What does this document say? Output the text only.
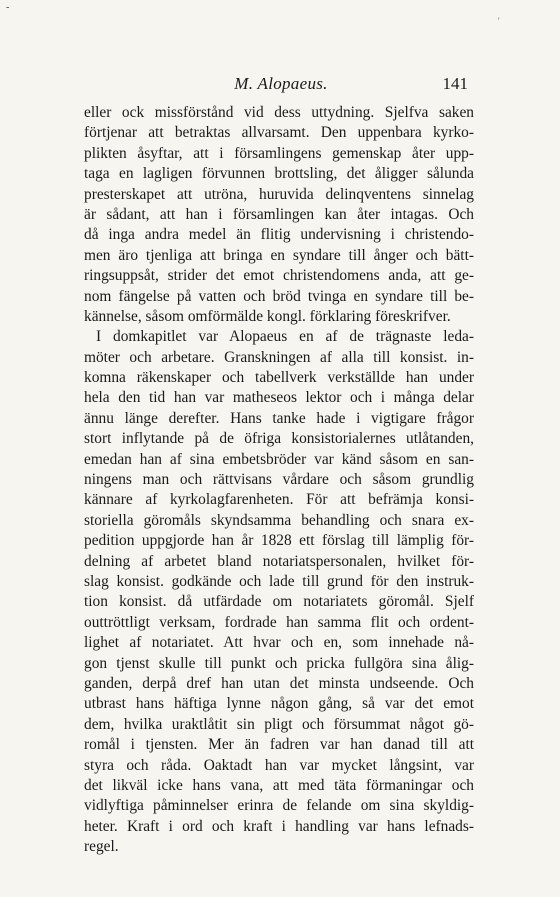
-
'
M. Alopaeus.	141
eller ock missförstånd vid dess uttydning. Sjelfva saken
förtjenar att betraktas allvarsamt. Den uppenbara kyrko-
plikten åsyftar, att i församlingens gemenskap åter upp-
taga en lagligen förvunnen brottsling, det åligger sålunda
presterskapet att utröna, huruvida delinqventens sinnelag
är sådant, att han i församlingen kan åter intagas. Och
då inga andra medel än flitig undervisning i christendo-
men äro tjenliga att bringa en syndare till ånger och bätt-
ringsuppsåt, strider det emot christendomens anda, att ge-
nom fängelse på vatten och bröd tvinga en syndare till be-
kännelse, såsom omförmälde kongl. förklaring föreskrifver.
I domkapitlet var Alopaeus en af de trägnaste leda-
möter och arbetare. Granskningen af alla till konsist. in-
komna räkenskaper och tabellverk verkställde han under
hela den tid han var matheseos lektor och i många delar
ännu länge derefter. Hans tanke hade i vigtigare frågor
stort inflytande på de öfriga konsistorialernes utlåtanden,
emedan han af sina embetsbröder var känd såsom en san-
ningens man och rättvisans vårdare och såsom grundlig
kännare af kyrkolagfarenheten. För att befrämja konsi-
storiella göromåls skyndsamma behandling och snara ex-
pedition uppgjorde han år 1828 ett förslag till lämplig för-
delning af arbetet bland notariatspersonalen, hvilket för-
slag konsist. godkände och lade till grund för den instruk-
tion konsist. då utfärdade om notariatets göromål. Sjelf
outtröttligt verksam, fordrade han samma flit och ordent-
lighet af notariatet. Att hvar och en, som innehade nå-
gon tjenst skulle till punkt och pricka fullgöra sina ålig-
ganden, derpå dref han utan det minsta undseende. Och
utbrast hans häftiga lynne någon gång, så var det emot
dem, hvilka uraktlåtit sin pligt och försummat något gö-
romål i tjensten. Mer än fadren var han danad till att
styra och råda. Oaktadt han var mycket långsint, var
det likväl icke hans vana, att med täta förmaningar och
vidlyftiga påminnelser erinra de felande om sina skyldig-
heter. Kraft i ord och kraft i handling var hans lefnads-
regel.
